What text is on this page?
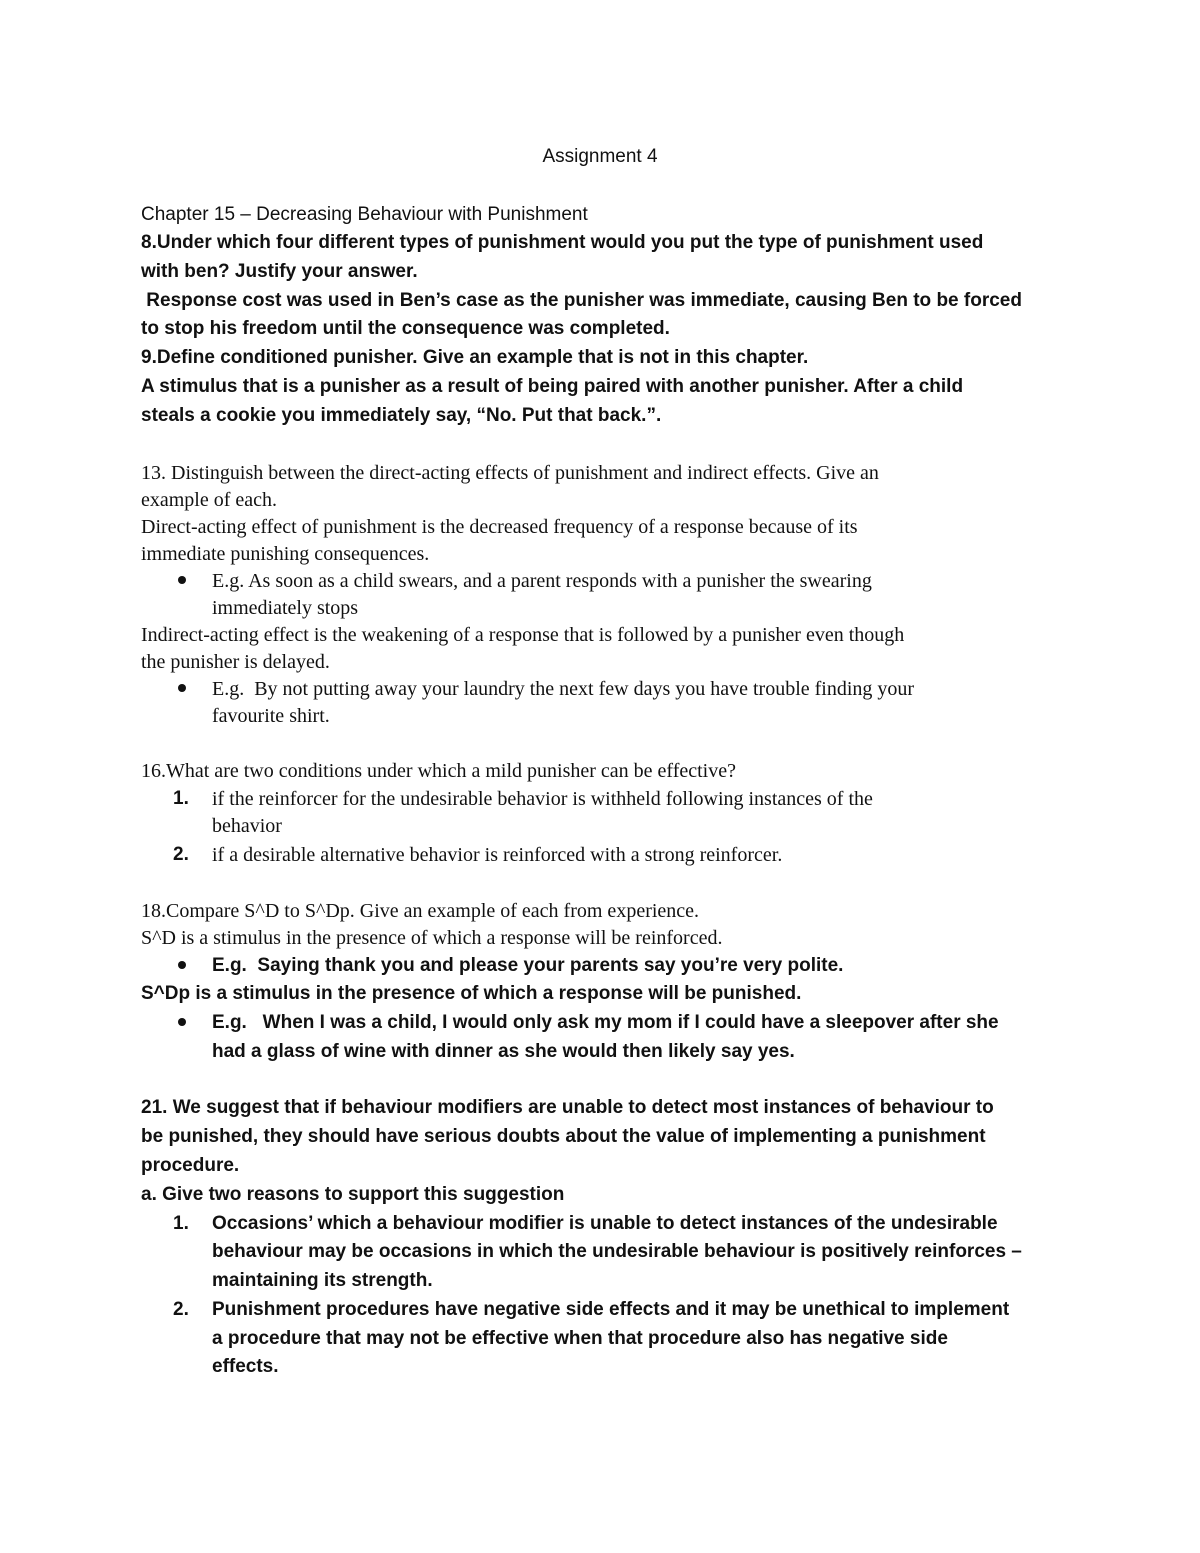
Assignment 4
Chapter 15 – Decreasing Behaviour with Punishment
8.Under which four different types of punishment would you put the type of punishment used
with ben? Justify your answer.
Response cost was used in Ben’s case as the punisher was immediate, causing Ben to be forced
to stop his freedom until the consequence was completed.
9.Define conditioned punisher. Give an example that is not in this chapter.
A stimulus that is a punisher as a result of being paired with another punisher. After a child
steals a cookie you immediately say, “No. Put that back.”.
13. Distinguish between the direct-acting effects of punishment and indirect effects. Give an
example of each.
Direct-acting effect of punishment is the decreased frequency of a response because of its
immediate punishing consequences.
E.g. As soon as a child swears, and a parent responds with a punisher the swearing
immediately stops
Indirect-acting effect is the weakening of a response that is followed by a punisher even though
the punisher is delayed.
E.g.  By not putting away your laundry the next few days you have trouble finding your
favourite shirt.
16.What are two conditions under which a mild punisher can be effective?
1. if the reinforcer for the undesirable behavior is withheld following instances of the
behavior
2. if a desirable alternative behavior is reinforced with a strong reinforcer.
18.Compare S^D to S^Dp. Give an example of each from experience.
S^D is a stimulus in the presence of which a response will be reinforced.
E.g.  Saying thank you and please your parents say you’re very polite.
S^Dp is a stimulus in the presence of which a response will be punished.
E.g.   When I was a child, I would only ask my mom if I could have a sleepover after she
had a glass of wine with dinner as she would then likely say yes.
21. We suggest that if behaviour modifiers are unable to detect most instances of behaviour to
be punished, they should have serious doubts about the value of implementing a punishment
procedure.
a. Give two reasons to support this suggestion
1. Occasions’ which a behaviour modifier is unable to detect instances of the undesirable
behaviour may be occasions in which the undesirable behaviour is positively reinforces –
maintaining its strength.
2. Punishment procedures have negative side effects and it may be unethical to implement
a procedure that may not be effective when that procedure also has negative side
effects.
